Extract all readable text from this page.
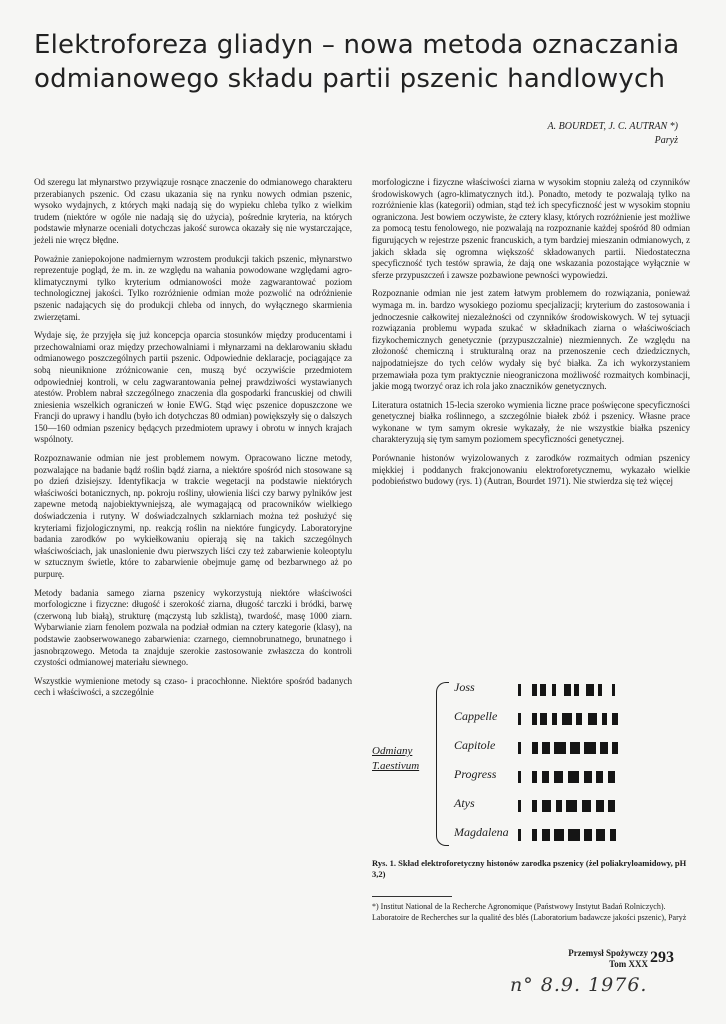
Elektroforeza gliadyn – nowa metoda oznaczania
odmianowego składu partii pszenic handlowych
A. BOURDET, J. C. AUTRAN *)
Paryż

Od szeregu lat młynarstwo przywiązuje rosnące znaczenie do odmianowego charakteru przerabianych pszenic. Od czasu ukazania się na rynku nowych odmian pszenic, wysoko wydajnych, z których mąki nadają się do wypieku chleba tylko z wielkim trudem (niektóre w ogóle nie nadają się do użycia), pośrednie kryteria, na których podstawie młynarze oceniali dotychczas jakość surowca okazały się nie wystarczające, jeżeli nie wręcz błędne.

Poważnie zaniepokojone nadmiernym wzrostem produkcji takich pszenic, młynarstwo reprezentuje pogląd, że m. in. ze względu na wahania powodowane względami agro-klimatycznymi tylko kryterium odmianowości może zagwarantować poziom technologicznej jakości. Tylko rozróżnienie odmian może pozwolić na odróżnienie pszenic nadających się do produkcji chleba od innych, do wyłącznego skarmienia zwierzętami.

Wydaje się, że przyjęła się już koncepcja oparcia stosunków między producentami i przechowalniami oraz między przechowalniami i młynarzami na deklarowaniu składu odmianowego poszczególnych partii pszenic. Odpowiednie deklaracje, pociągające za sobą nieuniknione zróżnicowanie cen, muszą być oczywiście przedmiotem odpowiedniej kontroli, w celu zagwarantowania pełnej prawdziwości wystawianych atestów. Problem nabrał szczególnego znaczenia dla gospodarki francuskiej od chwili zniesienia wszelkich ograniczeń w łonie EWG. Stąd więc pszenice dopuszczone we Francji do uprawy i handlu (było ich dotychczas 80 odmian) powiększyły się o dalszych 150—160 odmian pszenicy będących przedmiotem uprawy i obrotu w innych krajach wspólnoty.

Rozpoznawanie odmian nie jest problemem nowym. Opracowano liczne metody, pozwalające na badanie bądź roślin bądź ziarna, a niektóre spośród nich stosowane są po dzień dzisiejszy. Identyfikacja w trakcie wegetacji na podstawie niektórych właściwości botanicznych, np. pokroju rośliny, ułowienia liści czy barwy pylników jest zapewne metodą najobiektywniejszą, ale wymagającą od pracowników wielkiego doświadczenia i rutyny. W doświadczalnych szklarniach można też posłużyć się kryteriami fizjologicznymi, np. reakcją roślin na niektóre fungicydy. Laboratoryjne badania zarodków po wykiełkowaniu opierają się na takich szczególnych właściwościach, jak unaslonienie dwu pierwszych liści czy też zabarwienie koleoptylu w sztucznym świetle, które to zabarwienie obejmuje gamę od bezbarwnego aż po purpurę.

Metody badania samego ziarna pszenicy wykorzystują niektóre właściwości morfologiczne i fizyczne: długość i szerokość ziarna, długość tarczki i bródki, barwę (czerwoną lub białą), strukturę (mączystą lub szklistą), twardość, masę 1000 ziarn. Wybarwianie ziarn fenolem pozwala na podział odmian na cztery kategorie (klasy), na podstawie zaobserwowanego zabarwienia: czarnego, ciemnobrunatnego, brunatnego i jasnobrązowego. Metoda ta znajduje szerokie zastosowanie zwłaszcza do kontroli czystości odmianowej materiału siewnego.

Wszystkie wymienione metody są czaso- i pracochłonne. Niektóre spośród badanych cech i właściwości, a szczególnie

morfologiczne i fizyczne właściwości ziarna w wysokim stopniu zależą od czynników środowiskowych (agro-klimatycznych itd.). Ponadto, metody te pozwalają tylko na rozróżnienie klas (kategorii) odmian, stąd też ich specyficzność jest w wysokim stopniu ograniczona. Jest bowiem oczywiste, że cztery klasy, których rozróżnienie jest możliwe za pomocą testu fenolowego, nie pozwalają na rozpoznanie każdej spośród 80 odmian figurujących w rejestrze pszenic francuskich, a tym bardziej mieszanin odmianowych, z jakich składa się ogromna większość składowanych partii. Niedostateczna specyficzność tych testów sprawia, że dają one wskazania pozostające wyłącznie w sferze przypuszczeń i zawsze pozbawione pewności wypowiedzi.

Rozpoznanie odmian nie jest zatem łatwym problemem do rozwiązania, ponieważ wymaga m. in. bardzo wysokiego poziomu specjalizacji; kryterium do zastosowania i jednoczesnie całkowitej niezależności od czynników środowiskowych. W tej sytuacji rozwiązania problemu wypada szukać w składnikach ziarna o właściwościach fizykochemicznych genetycznie (przypuszczalnie) niezmiennych. Ze względu na złożoność chemiczną i strukturalną oraz na przenoszenie cech dziedzicznych, najpodatniejsze do tych celów wydały się być białka. Za ich wykorzystaniem przemawiała poza tym praktycznie nieograniczona możliwość rozmaitych kombinacji, jakie mogą tworzyć oraz ich rola jako znaczników genetycznych.

Literatura ostatnich 15-lecia szeroko wymienia liczne prace poświęcone specyficzności genetycznej białka roślinnego, a szczególnie białek zbóż i pszenicy. Własne prace wykonane w tym samym okresie wykazały, że nie wszystkie białka pszenicy charakteryzują się tym samym poziomem specyficzności genetycznej.

Porównanie histonów wyizolowanych z zarodków rozmaitych odmian pszenicy miękkiej i poddanych frakcjonowaniu elektroforetycznemu, wykazało wielkie podobieństwo budowy (rys. 1) (Autran, Bourdet 1971). Nie stwierdza się też więcej

Odmiany
T.aestivum
Joss
Cappelle
Capitole
Progress
Atys
Magdalena
Rys. 1. Skład elektroforetyczny histonów zarodka pszenicy (żel poliakryloamidowy, pH 3,2)
*) Institut National de la Recherche Agronomique (Państwowy Instytut Badań Rolniczych). Laboratoire de Recherches sur la qualité des blés (Laboratorium badawcze jakości pszenic), Paryż
Przemysł Spożywczy
Tom XXX 293
n° 8.9. 1976.
